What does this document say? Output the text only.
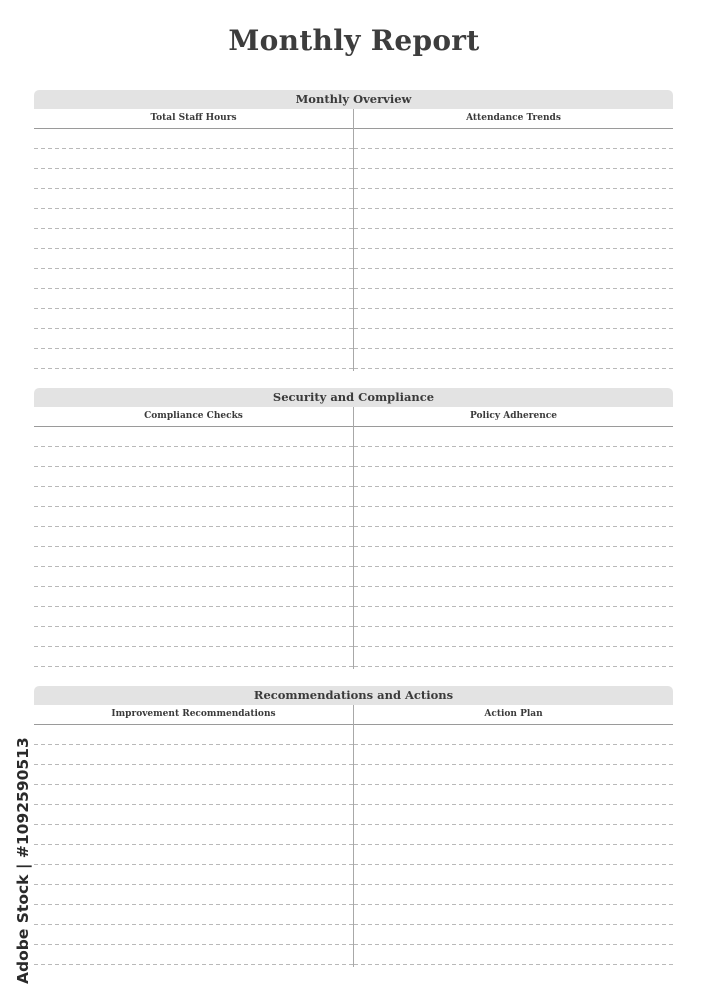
Monthly Report
Monthly Overview
Total Staff Hours	Attendance Trends
Security and Compliance
Compliance Checks	Policy Adherence
Recommendations and Actions
Improvement Recommendations	Action Plan
Adobe Stock | #1092590513
